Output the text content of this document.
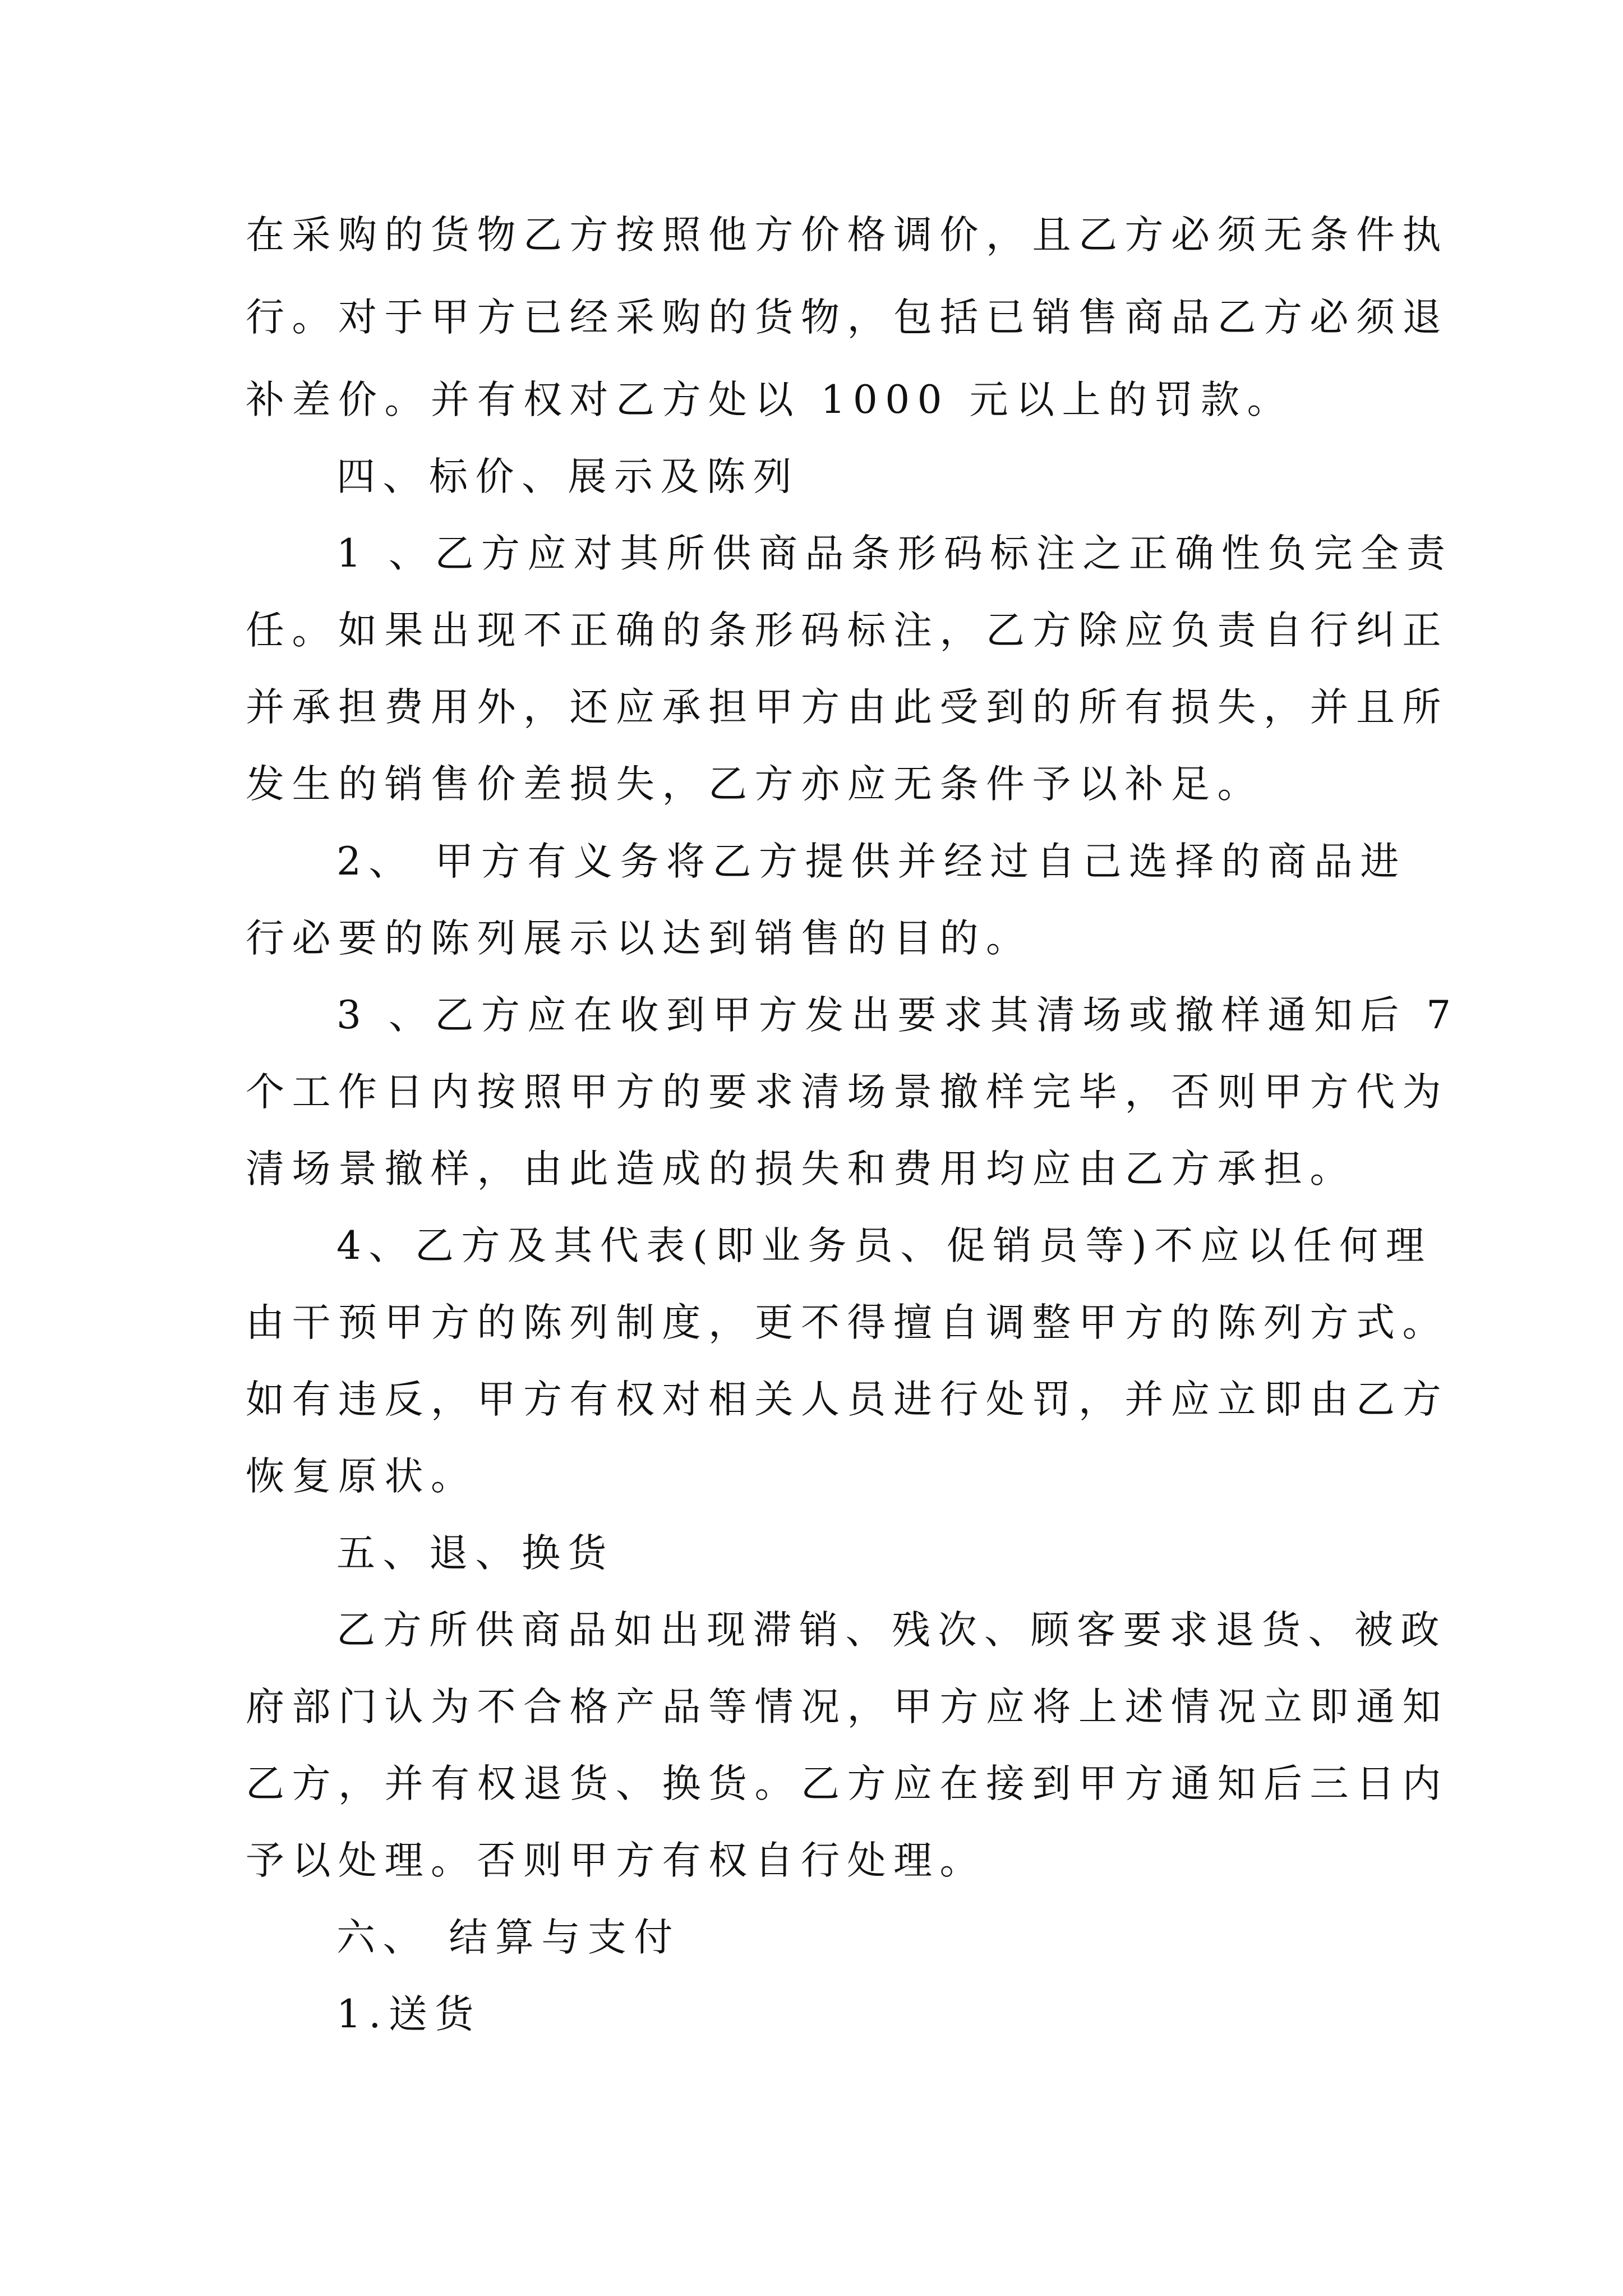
在采购的货物乙方按照他方价格调价，且乙方必须无条件执
行。对于甲方已经采购的货物，包括已销售商品乙方必须退
补差价。并有权对乙方处以 1000 元以上的罚款。
四、标价、展示及陈列
1 、乙方应对其所供商品条形码标注之正确性负完全责
任。如果出现不正确的条形码标注，乙方除应负责自行纠正
并承担费用外，还应承担甲方由此受到的所有损失，并且所
发生的销售价差损失，乙方亦应无条件予以补足。
2、 甲方有义务将乙方提供并经过自己选择的商品进
行必要的陈列展示以达到销售的目的。
3 、乙方应在收到甲方发出要求其清场或撤样通知后 7
个工作日内按照甲方的要求清场景撤样完毕，否则甲方代为
清场景撤样，由此造成的损失和费用均应由乙方承担。
4、乙方及其代表(即业务员、促销员等)不应以任何理
由干预甲方的陈列制度，更不得擅自调整甲方的陈列方式。
如有违反，甲方有权对相关人员进行处罚，并应立即由乙方
恢复原状。
五、退、换货
乙方所供商品如出现滞销、残次、顾客要求退货、被政
府部门认为不合格产品等情况，甲方应将上述情况立即通知
乙方，并有权退货、换货。乙方应在接到甲方通知后三日内
予以处理。否则甲方有权自行处理。
六、 结算与支付
1.送货
